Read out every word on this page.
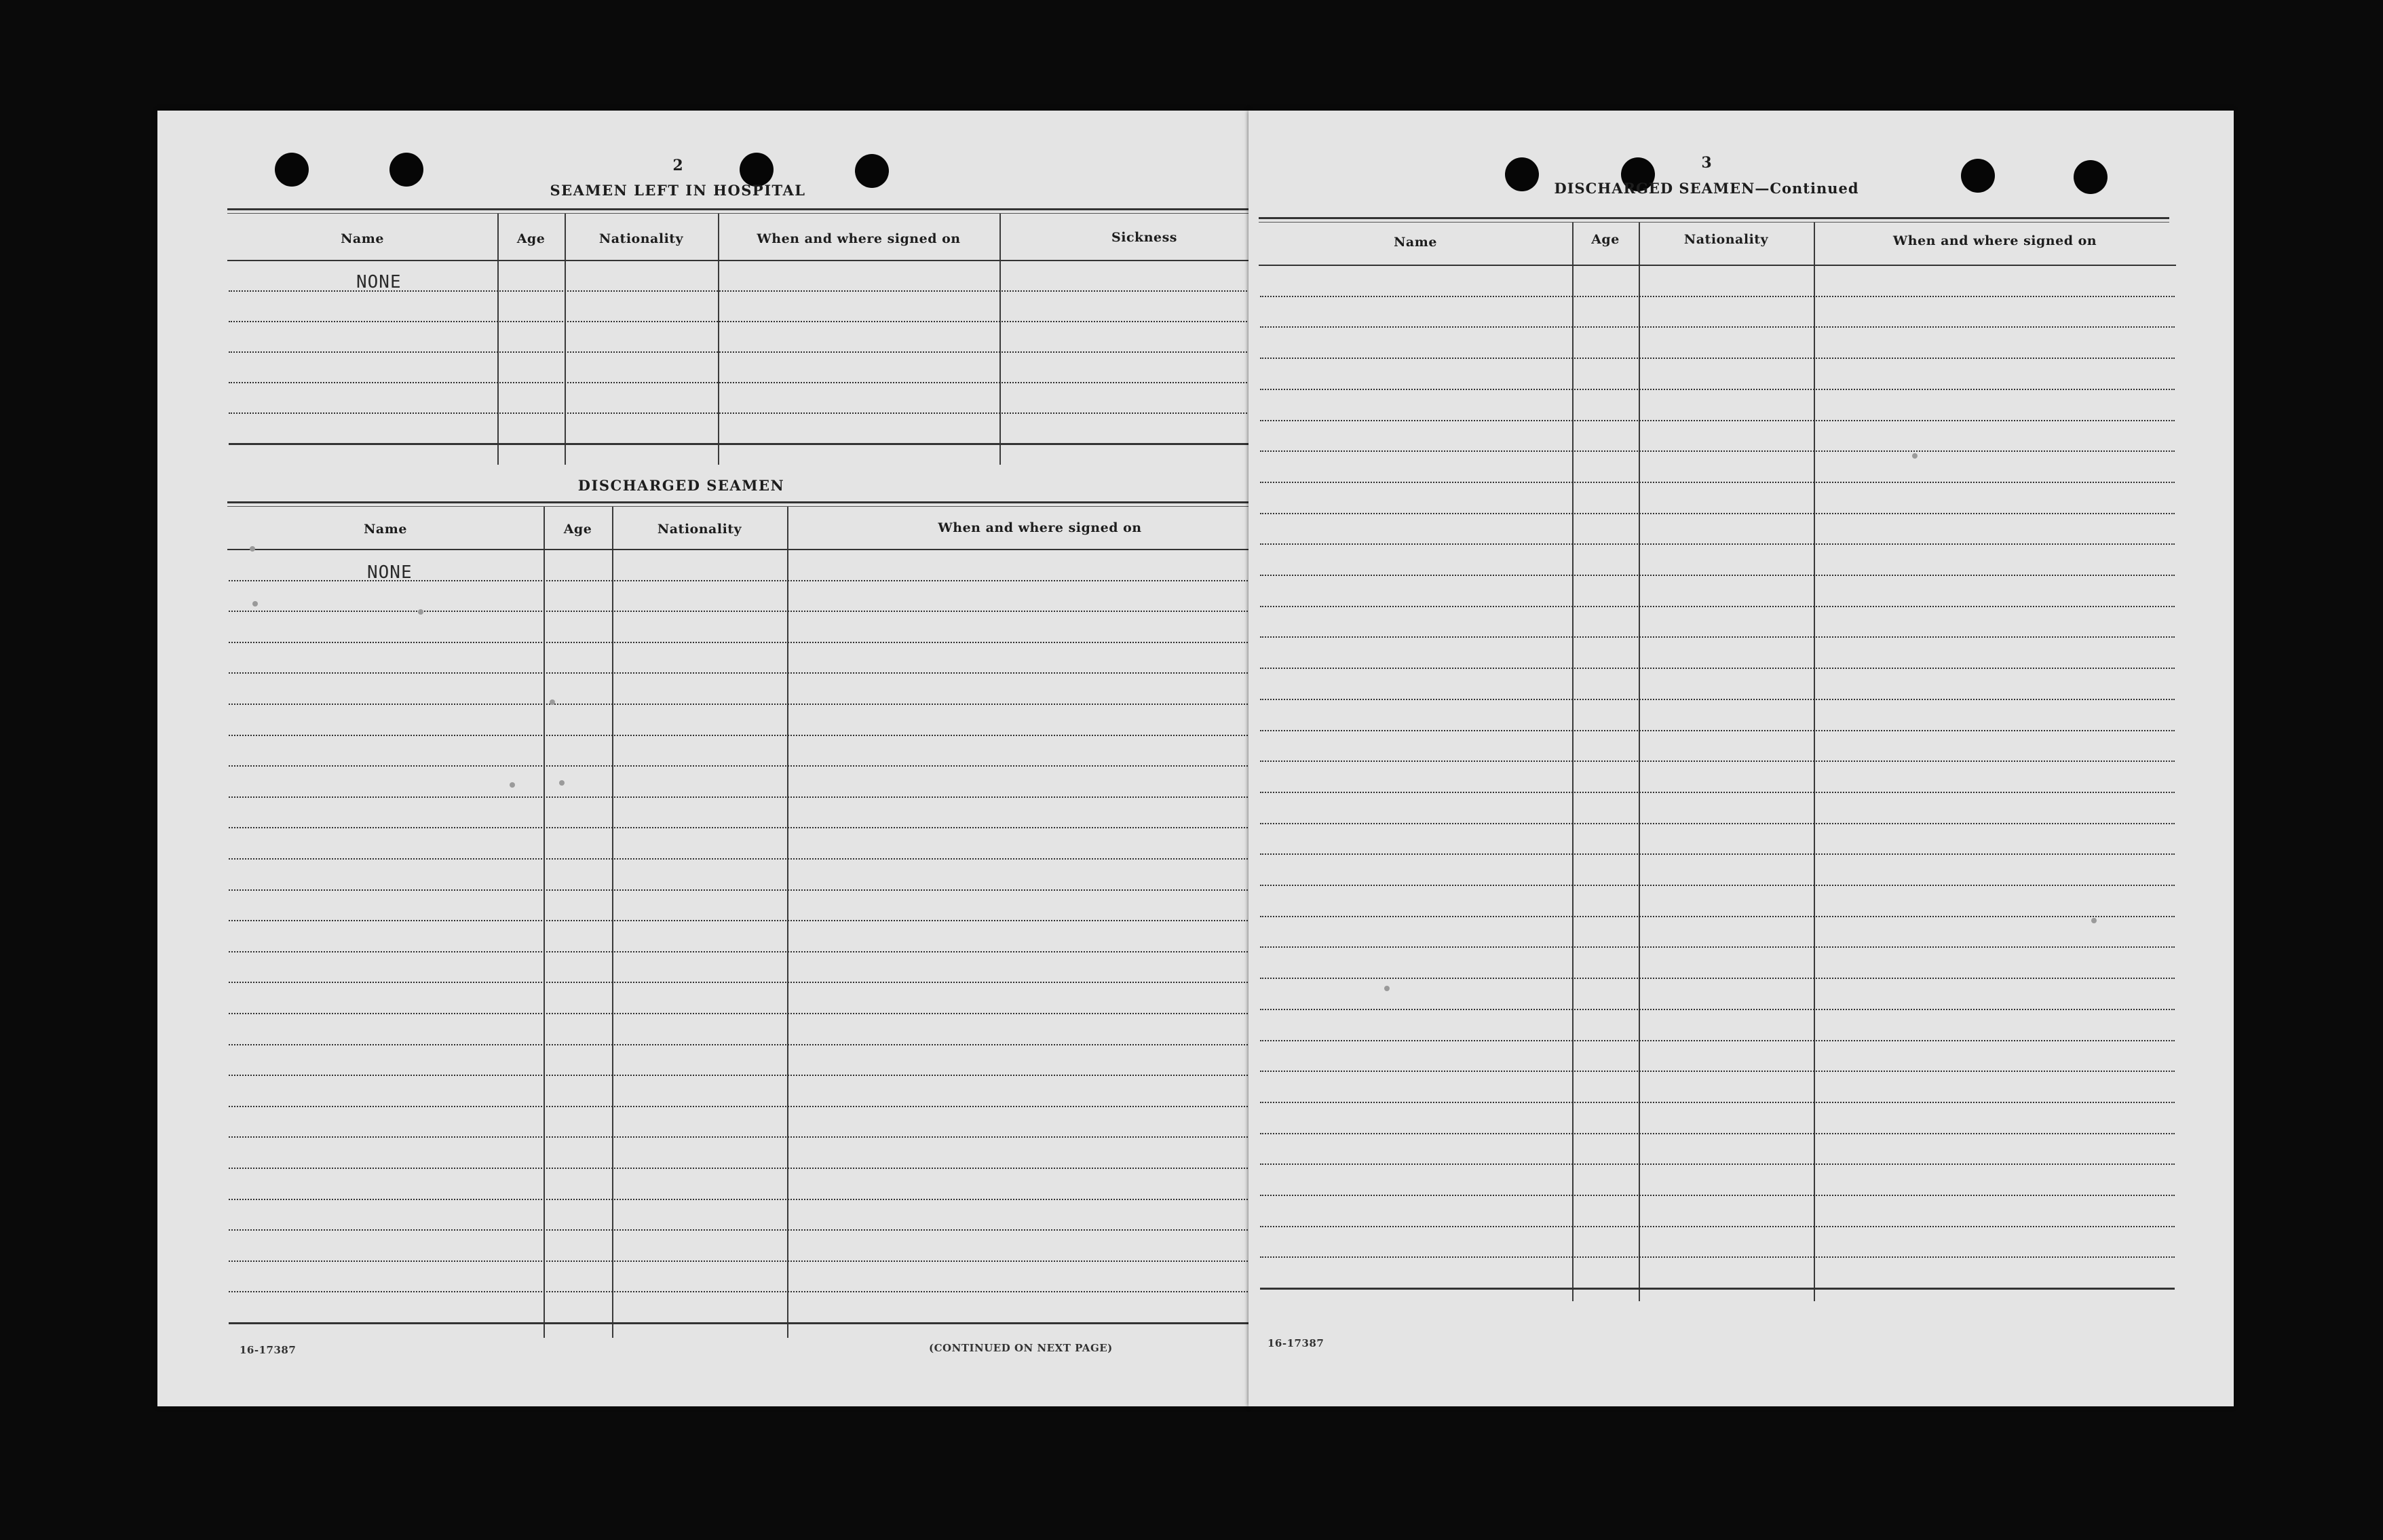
2
SEAMEN LEFT IN HOSPITAL
Name	Age	Nationality	When and where signed on	Sickness
NONE
DISCHARGED SEAMEN
Name	Age	Nationality	When and where signed on
NONE
16-17387	(CONTINUED ON NEXT PAGE)
3
DISCHARGED SEAMEN—Continued
Name	Age	Nationality	When and where signed on
16-17387
